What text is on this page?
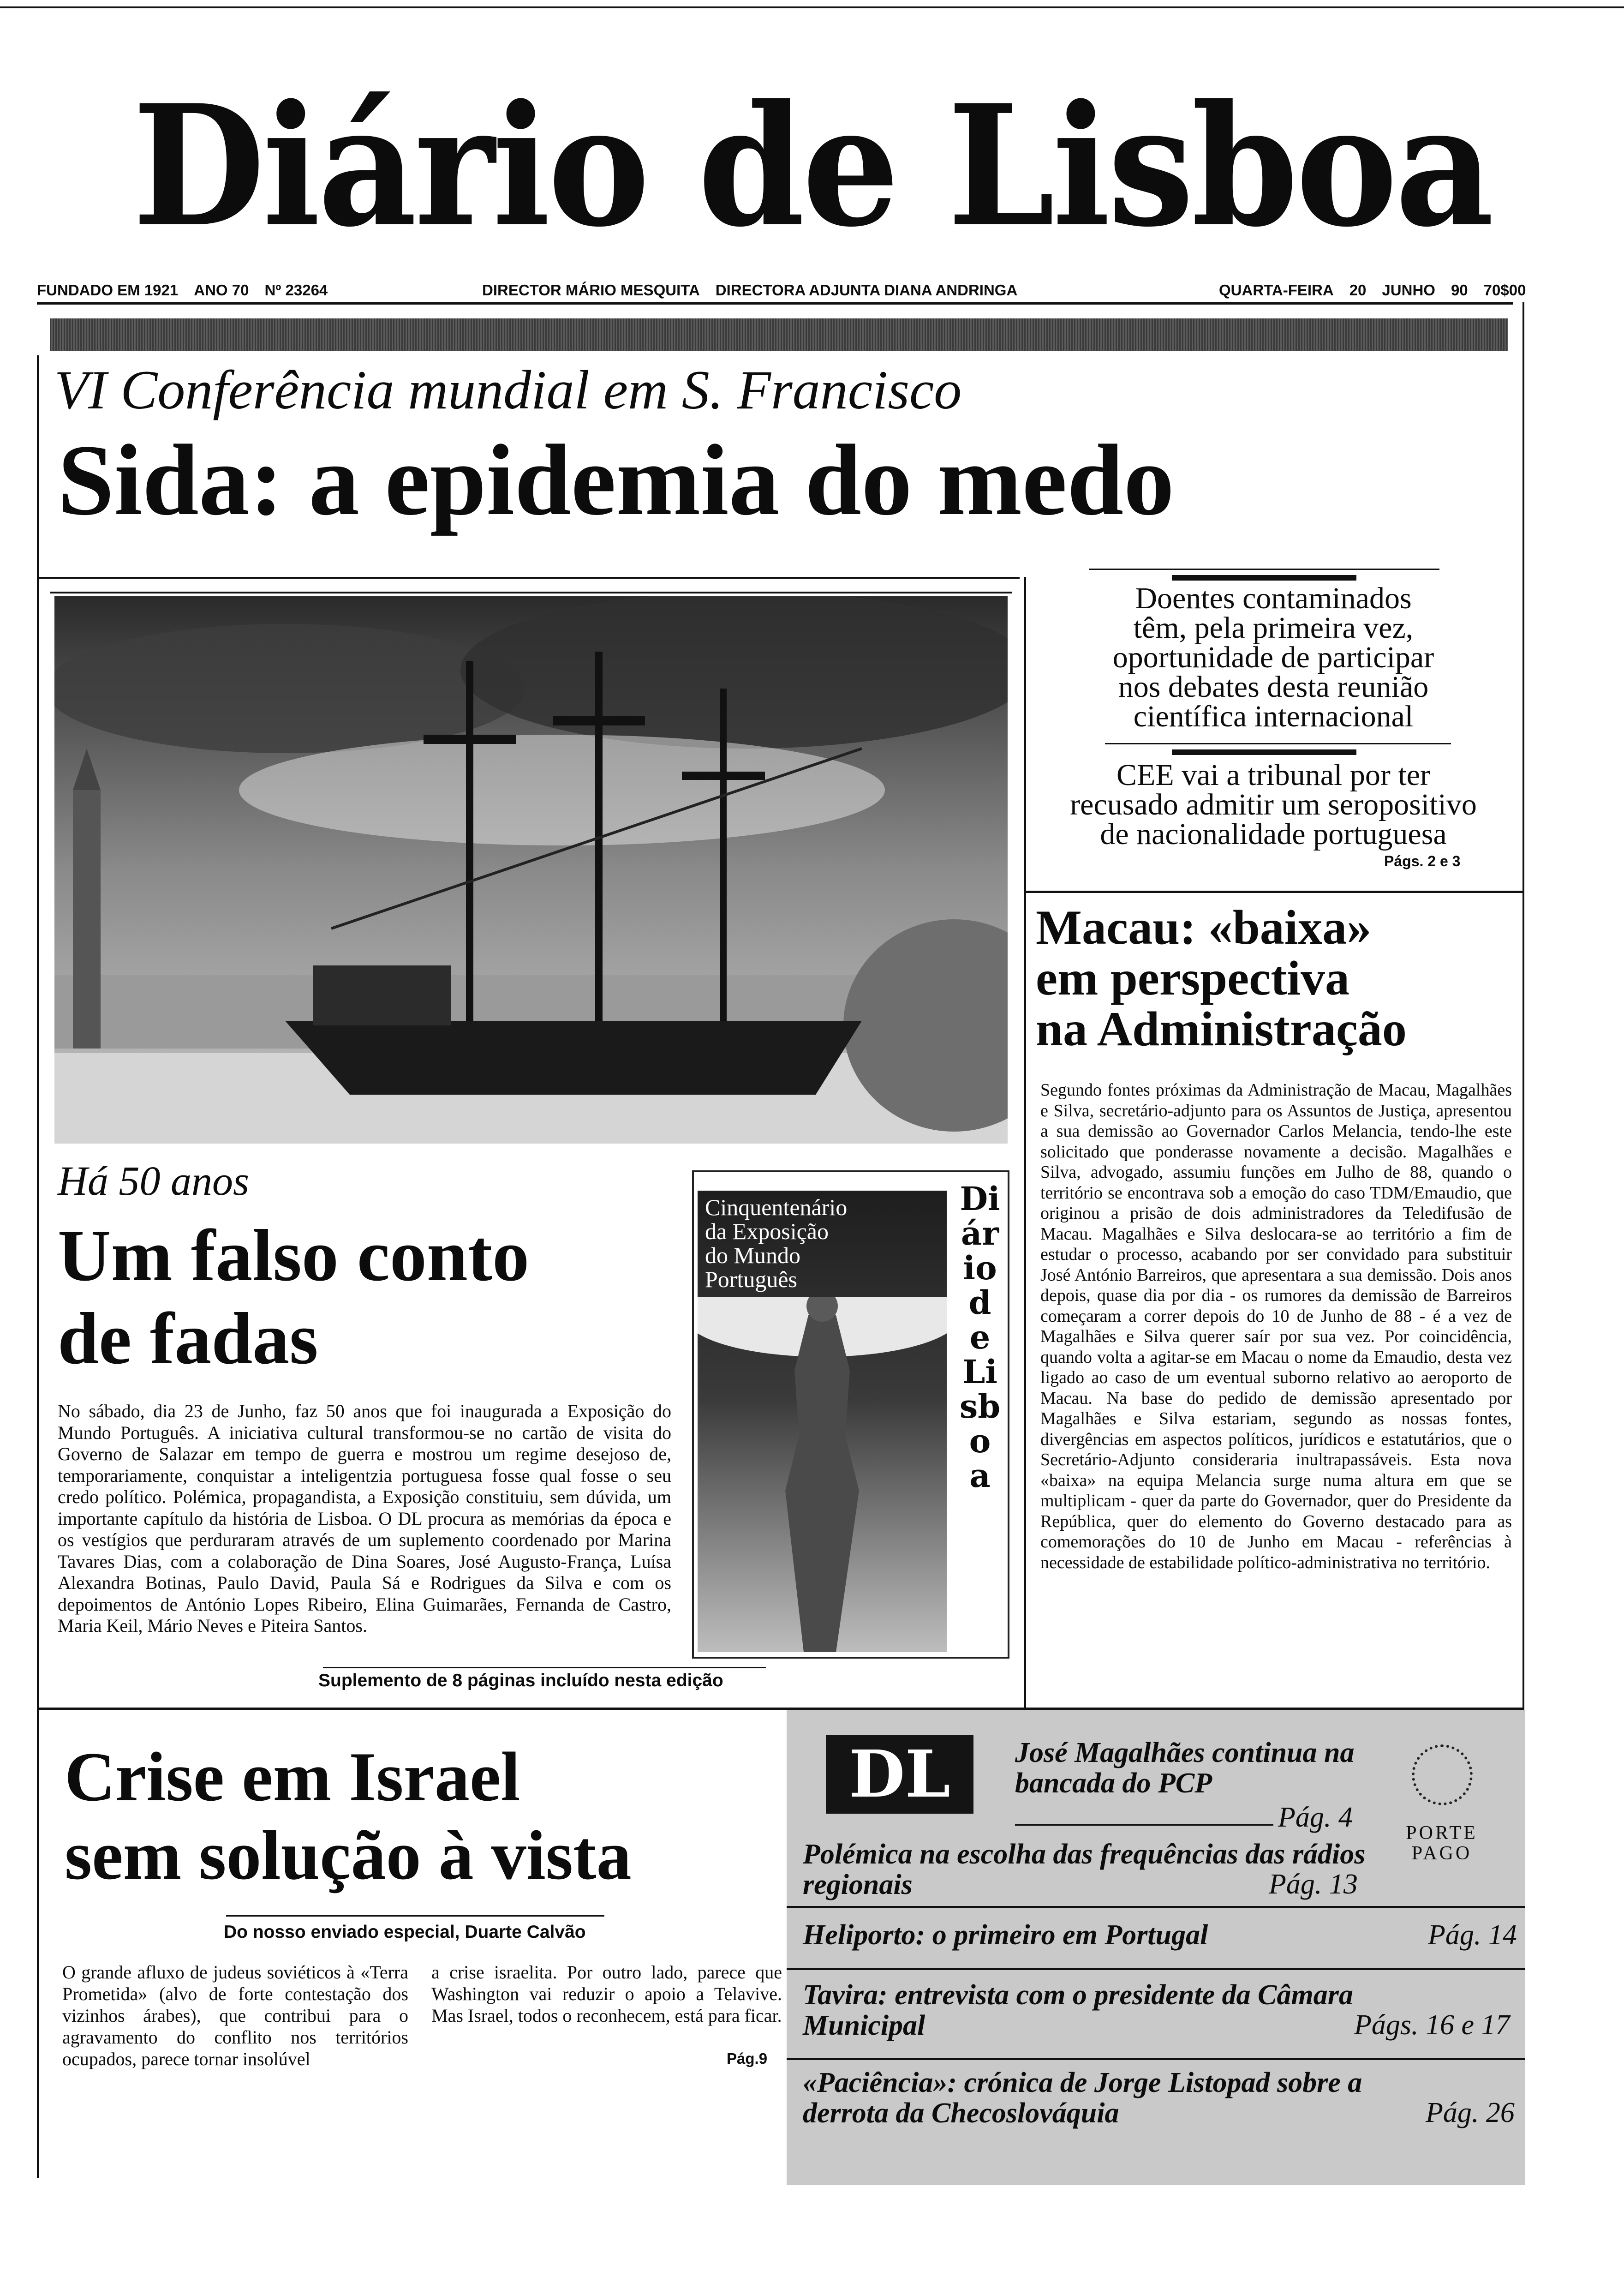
Diário de Lisboa
FUNDADO EM 1921 ANO 70 Nº 23264	DIRECTOR MÁRIO MESQUITA DIRECTORA ADJUNTA DIANA ANDRINGA	QUARTA-FEIRA 20 JUNHO 90 70$00
VI Conferência mundial em S. Francisco
Sida: a epidemia do medo
Doentes contaminados
têm, pela primeira vez,
oportunidade de participar
nos debates desta reunião
científica internacional
CEE vai a tribunal por ter
recusado admitir um seropositivo
de nacionalidade portuguesa
Págs. 2 e 3
Macau: «baixa»
em perspectiva
na Administração
Segundo fontes próximas da Administração de Macau, Magalhães e Silva, secretário-adjunto para os Assuntos de Justiça, apresentou a sua demissão ao Governador Carlos Melancia, tendo-lhe este solicitado que ponderasse novamente a decisão. Magalhães e Silva, advogado, assumiu funções em Julho de 88, quando o território se encontrava sob a emoção do caso TDM/Emaudio, que originou a prisão de dois administradores da Teledifusão de Macau. Magalhães e Silva deslocara-se ao território a fim de estudar o processo, acabando por ser convidado para substituir José António Barreiros, que apresentara a sua demissão. Dois anos depois, quase dia por dia - os rumores da demissão de Barreiros começaram a correr depois do 10 de Junho de 88 - é a vez de Magalhães e Silva querer saír por sua vez. Por coincidência, quando volta a agitar-se em Macau o nome da Emaudio, desta vez ligado ao caso de um eventual suborno relativo ao aeroporto de Macau. Na base do pedido de demissão apresentado por Magalhães e Silva estariam, segundo as nossas fontes, divergências em aspectos políticos, jurídicos e estatutários, que o Secretário-Adjunto consideraria inultrapassáveis. Esta nova «baixa» na equipa Melancia surge numa altura em que se multiplicam - quer da parte do Governador, quer do Presidente da República, quer do elemento do Governo destacado para as comemorações do 10 de Junho em Macau - referências à necessidade de estabilidade político-administrativa no território.
Há 50 anos
Um falso conto
de fadas
No sábado, dia 23 de Junho, faz 50 anos que foi inaugurada a Exposição do Mundo Português. A iniciativa cultural transformou-se no cartão de visita do Governo de Salazar em tempo de guerra e mostrou um regime desejoso de, temporariamente, conquistar a inteligentzia portuguesa fosse qual fosse o seu credo político. Polémica, propagandista, a Exposição constituiu, sem dúvida, um importante capítulo da história de Lisboa. O DL procura as memórias da época e os vestígios que perduraram através de um suplemento coordenado por Marina Tavares Dias, com a colaboração de Dina Soares, José Augusto-França, Luísa Alexandra Botinas, Paulo David, Paula Sá e Rodrigues da Silva e com os depoimentos de António Lopes Ribeiro, Elina Guimarães, Fernanda de Castro, Maria Keil, Mário Neves e Piteira Santos.
Suplemento de 8 páginas incluído nesta edição
Cinquentenário
da Exposição
do Mundo
Português
Diário de Lisboa
Crise em Israel
sem solução à vista
Do nosso enviado especial, Duarte Calvão
O grande afluxo de judeus soviéticos à «Terra Prometida» (alvo de forte contestação dos vizinhos árabes), que contribui para o agravamento do conflito nos territórios ocupados, parece tornar insolúvel
a crise israelita. Por outro lado, parece que Washington vai reduzir o apoio a Telavive. Mas Israel, todos o reconhecem, está para ficar.
Pág.9
DL
PORTE
PAGO
José Magalhães continua na bancada do PCP
Pág. 4
Polémica na escolha das frequências das rádios regionais	Pág. 13
Heliporto: o primeiro em Portugal	Pág. 14
Tavira: entrevista com o presidente da Câmara Municipal	Págs. 16 e 17
«Paciência»: crónica de Jorge Listopad sobre a derrota da Checoslováquia	Pág. 26
